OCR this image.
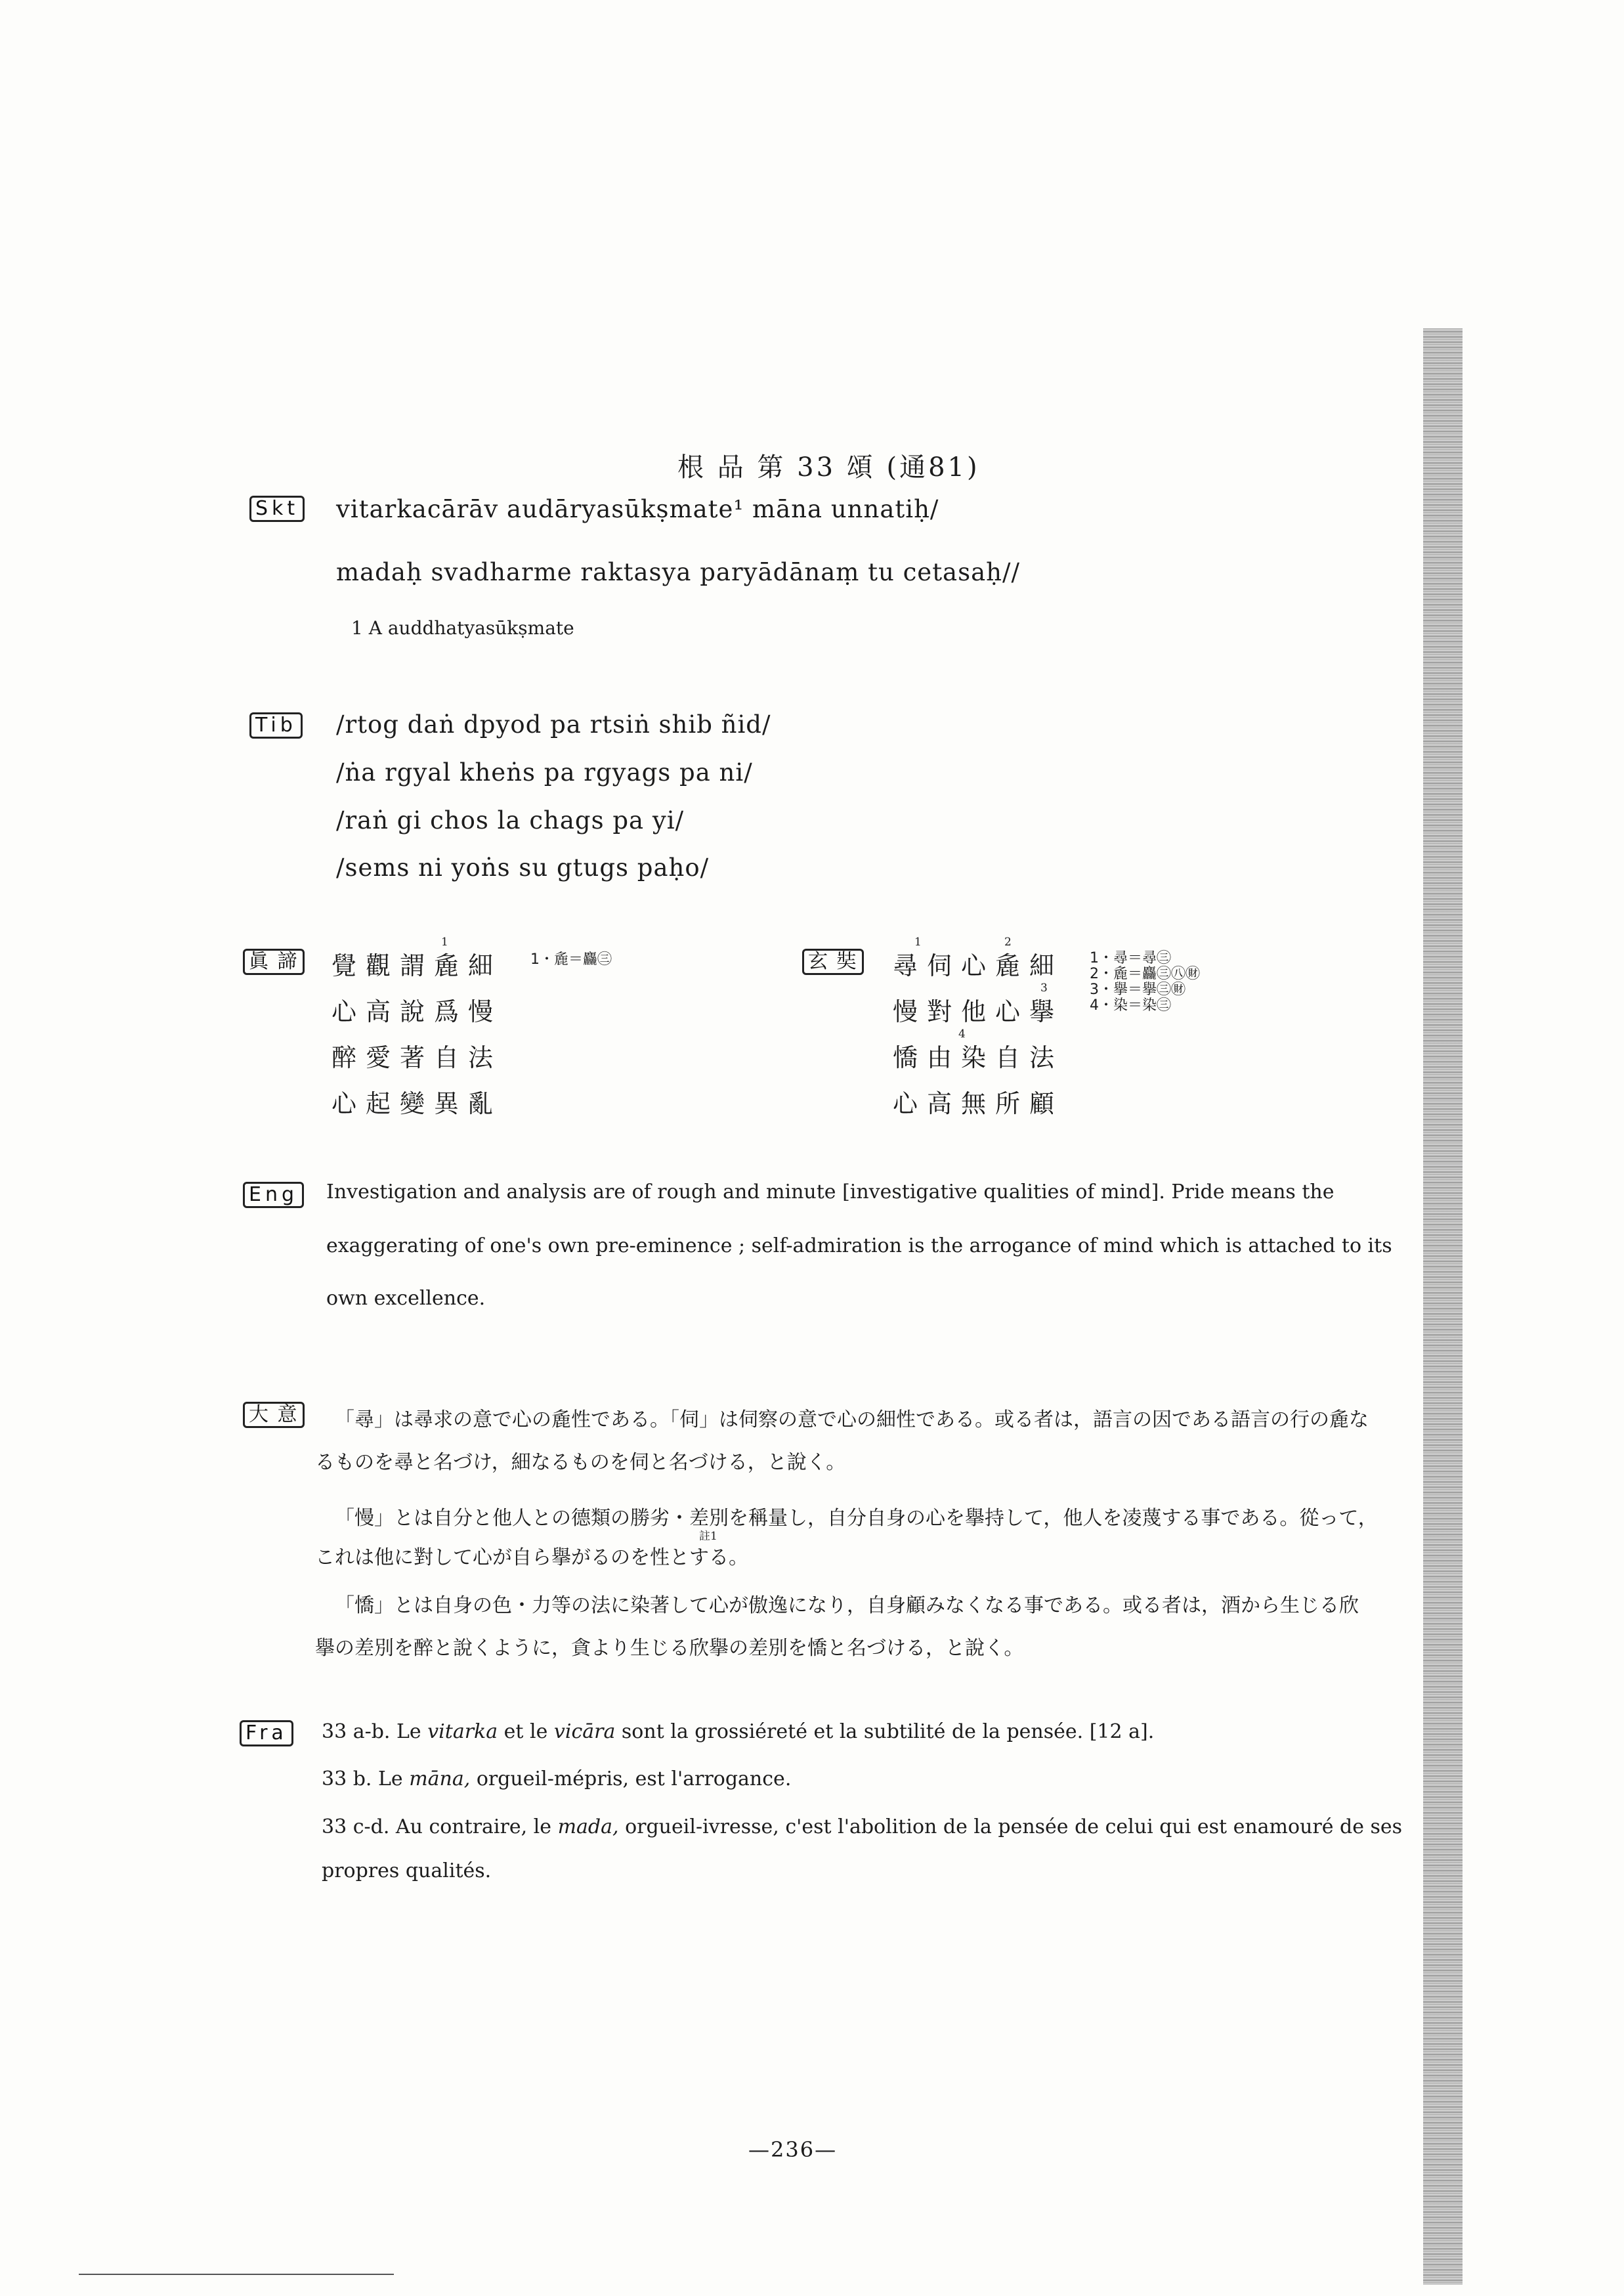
根 品 第 33 頌 (通81)
Skt vitarkacārāv audāryasūkṣmate¹ māna unnatiḥ/
madaḥ svadharme raktasya paryādānaṃ tu cetasaḥ//
1 A auddhatyasūkṣmate
Tib /rtog daṅ dpyod pa rtsiṅ shib ñid/
/ṅa rgyal kheṅs pa rgyags pa ni/
/raṅ gi chos la chags pa yi/
/sems ni yoṅs su gtugs paḥo/
眞 諦
1
覺觀謂麁細
心高說爲慢
醉愛著自法
心起變異亂
1・麁＝麤㊂	玄 奘
1	2
3
4
尋伺心麁細
慢對他心擧
憍由染自法
心高無所顧
1・尋＝尋㊂
2・麁＝麤㊂㊇㊖
3・擧＝擧㊂㊖
4・染＝染㊂
Eng	Investigation and analysis are of rough and minute [investigative qualities of mind]. Pride means the
exaggerating of one's own pre-eminence ; self-admiration is the arrogance of mind which is attached to its
own excellence.
大 意	「尋」は尋求の意で心の麁性である。「伺」は伺察の意で心の細性である。或る者は，語言の因である語言の行の麁な
るものを尋と名づけ，細なるものを伺と名づける，と說く。
「慢」とは自分と他人との德類の勝劣・差別を稱量し，自分自身の心を擧持して，他人を凌蔑する事である。從って，
註1
これは他に對して心が自ら擧がるのを性とする。
「憍」とは自身の色・力等の法に染著して心が傲逸になり，自身顧みなくなる事である。或る者は，酒から生じる欣
擧の差別を醉と說くように，貪より生じる欣擧の差別を憍と名づける，と說く。
Fra	33 a-b. Le vitarka et le vicāra sont la grossiéreté et la subtilité de la pensée. [12 a].
33 b. Le māna, orgueil-mépris, est l'arrogance.
33 c-d. Au contraire, le mada, orgueil-ivresse, c'est l'abolition de la pensée de celui qui est enamouré de ses
propres qualités.
—236—
